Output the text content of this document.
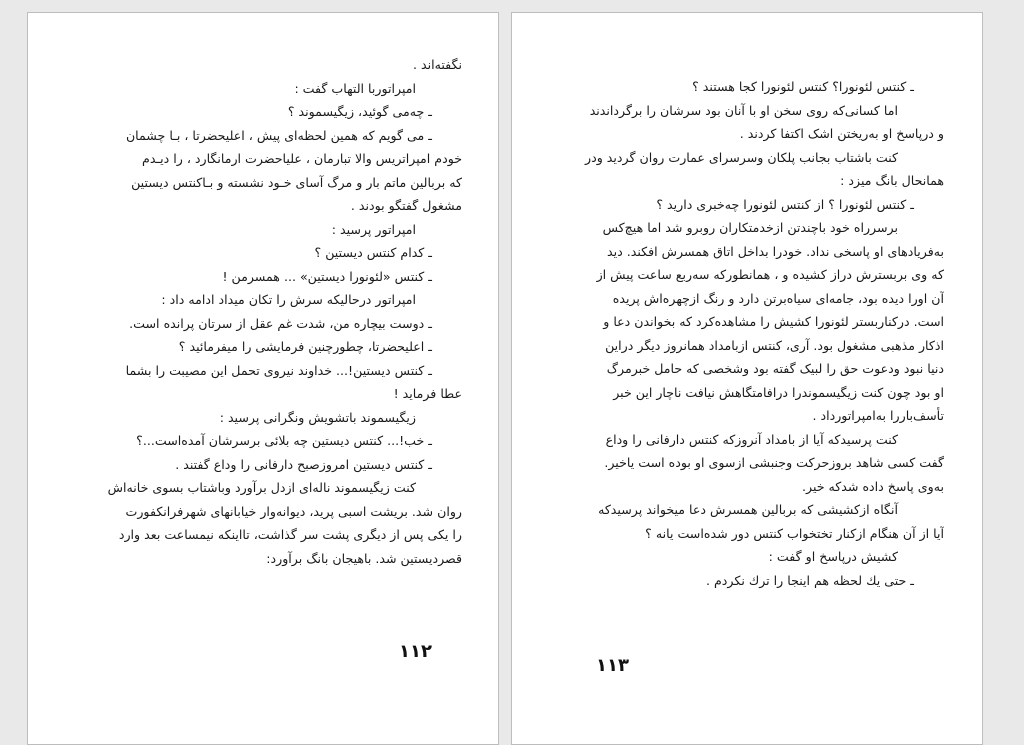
نگفته‌اند .
امپراتوربا التهاب گفت :
ـ چه‌می گوئید، زیگیسموند ؟
ـ می گویم که همین لحظه‌ای پیش ، اعلیحضرتا ، بـا چشمان
خودم امپراتریس والا تبارمان ، علیاحضرت ارمانگارد ، را دیـدم
که بربالین ماتم بار و مرگ آسای خـود نشسته و بـاکنتس دیستین
مشغول گفتگو بودند .
امپراتور پرسید :
ـ کدام کنتس دیستین ؟
ـ کنتس «لئونورا دیستین» ... همسرمن !
امپراتور درحالیکه سرش را تکان میداد ادامه داد :
ـ دوست بیچاره من، شدت غم عقل از سرتان پرانده است.
ـ اعلیحضرتا، چطورچنین فرمایشی را میفرمائید ؟
ـ کنتس دیستین!... خداوند نیروی تحمل این مصیبت را بشما
عطا فرماید !
زیگیسموند باتشویش ونگرانی پرسید :
ـ خب!... کنتس دیستین چه بلائی برسرشان آمده‌است...؟
ـ کنتس دیستین امروزصبح دارفانی را وداع گفتند .
کنت زیگیسموند ناله‌ای ازدل برآورد وباشتاب بسوی خانه‌اش
روان شد. بریشت اسبی پرید، دیوانه‌وار خیابانهای شهرفرانکفورت
را یکی پس از دیگری پشت سر گذاشت، تااینکه نیمساعت بعد وارد
قصر‌دیستین شد. باهیجان بانگ برآورد:
١١٢
ـ کنتس لئونورا؟ کنتس لئونورا کجا هستند ؟
اما کسانی‌که روی سخن او با آنان بود سرشان را برگرداندند
و درپاسخ او به‌ریختن اشک اکتفا کردند .
کنت باشتاب بجانب پلکان وسرسرای عمارت روان گردید ودر
همانحال بانگ میزد :
ـ کنتس لئونورا ؟ از کنتس لئونورا چه‌خبری دارید ؟
برسرراه خود باچندتن ازخدمتکاران روبرو شد اما هیچ‌کس
به‌فریادهای او پاسخی نداد. خودرا بداخل اتاق همسرش افکند. دید
که وی بربسترش دراز کشیده و ، همانطورکه سه‌ربع ساعت پیش از
آن اورا دیده بود، جامه‌ای سیاه‌برتن دارد و رنگ ازچهره‌اش پریده
است. درکناربستر لئونورا کشیش را مشاهده‌کرد که بخواندن دعا و
اذکار مذهبی مشغول بود. آری، کنتس ازبامداد همانروز دیگر دراین
دنیا نبود ودعوت حق را لبیک گفته بود وشخصی که حامل خبرمرگ
او بود چون کنت زیگیسموندرا درافامتگاهش نیافت ناچار این خبر
تأسف‌باررا به‌امپراتورداد .
کنت پرسیدکه آیا از بامداد آنروزکه کنتس دارفانی را وداع
گفت کسی شاهد بروزحرکت وجنبشی ازسوی او بوده است یاخیر.
به‌وی پاسخ داده شدکه خیر.
آنگاه ازکشیشی که بربالین همسرش دعا میخواند پرسیدکه
آیا از آن هنگام ازکنار تختخواب کنتس دور شده‌است یانه ؟
کشیش درپاسخ او گفت :
ـ حتی یك لحظه هم اینجا را ترك نکردم .
١١٣
